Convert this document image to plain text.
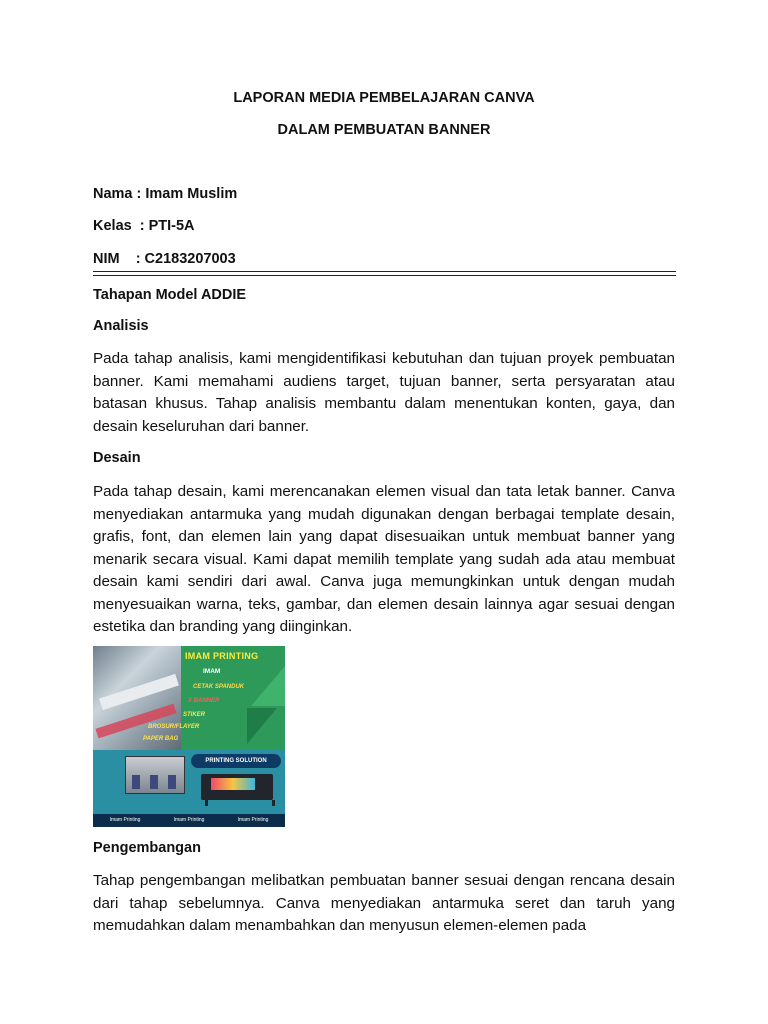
LAPORAN MEDIA PEMBELAJARAN CANVA

DALAM PEMBUATAN BANNER

Nama : Imam Muslim
Kelas  : PTI-5A
NIM    : C2183207003
Tahapan Model ADDIE
Analisis

Pada tahap analisis, kami mengidentifikasi kebutuhan dan tujuan proyek pembuatan banner. Kami memahami audiens target, tujuan banner, serta persyaratan atau batasan khusus. Tahap analisis membantu dalam menentukan konten, gaya, dan desain keseluruhan dari banner.

Desain

Pada tahap desain, kami merencanakan elemen visual dan tata letak banner. Canva menyediakan antarmuka yang mudah digunakan dengan berbagai template desain, grafis, font, dan elemen lain yang dapat disesuaikan untuk membuat banner yang menarik secara visual. Kami dapat memilih template yang sudah ada atau membuat desain kami sendiri dari awal. Canva juga memungkinkan untuk dengan mudah menyesuaikan warna, teks, gambar, dan elemen desain lainnya agar sesuai dengan estetika dan branding yang diinginkan.

IMAM PRINTING
IMAM
CETAK SPANDUK
X BANNER
STIKER
BROSUR/FLAYER
PAPER BAG
PRINTING SOLUTION
Imam Printing	Imam Printing	Imam Printing
Pengembangan

Tahap pengembangan melibatkan pembuatan banner sesuai dengan rencana desain dari tahap sebelumnya. Canva menyediakan antarmuka seret dan taruh yang memudahkan dalam menambahkan dan menyusun elemen-elemen pada
